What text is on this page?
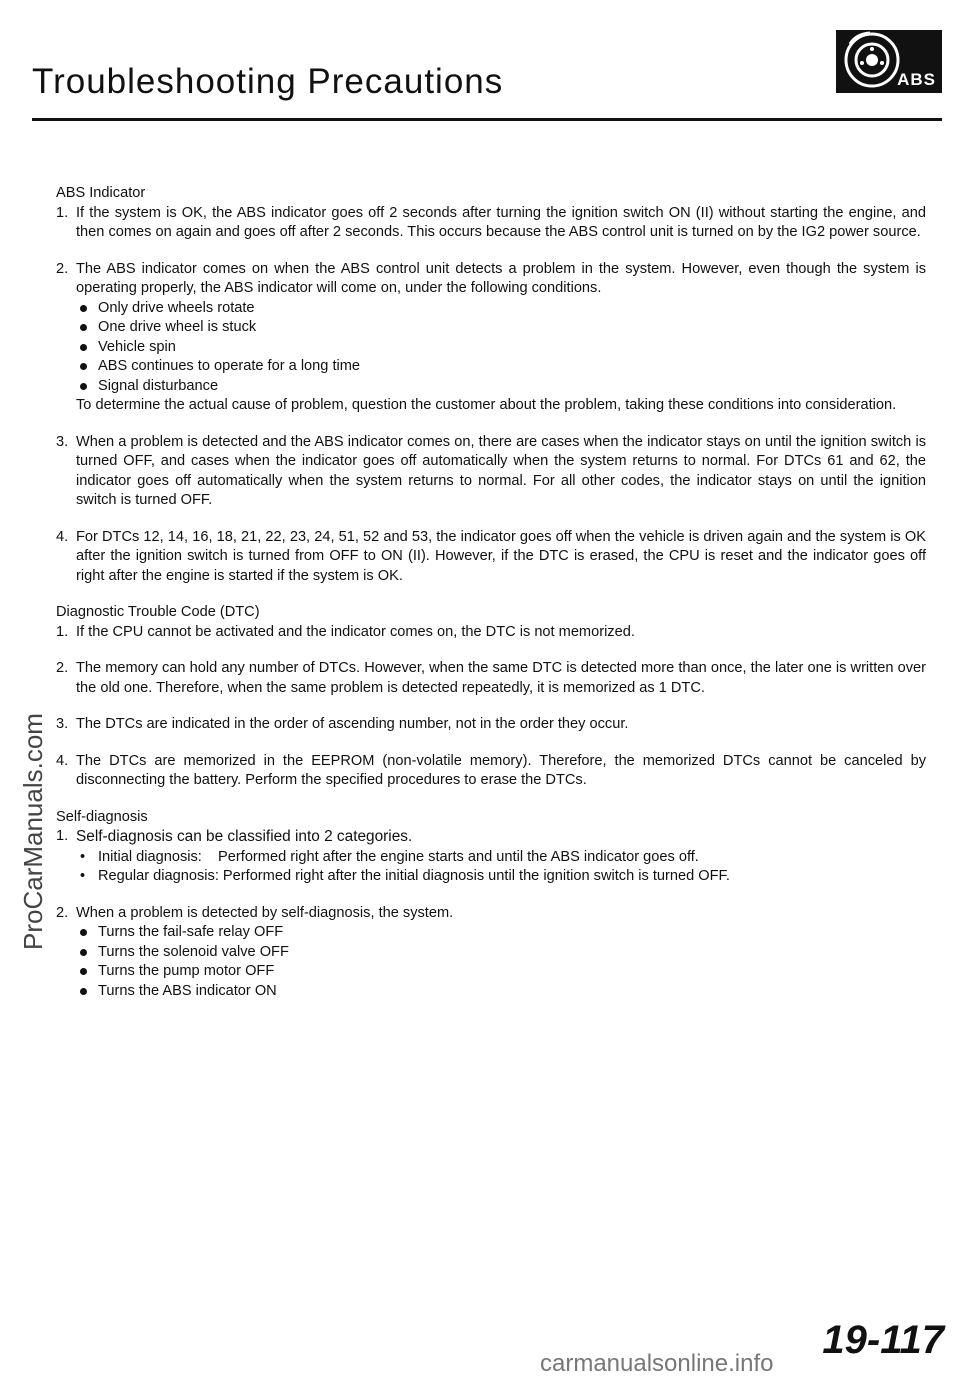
Troubleshooting Precautions	ABS
ProCarManuals.com
ABS Indicator
1. If the system is OK, the ABS indicator goes off 2 seconds after turning the ignition switch ON (II) without starting the engine, and then comes on again and goes off after 2 seconds. This occurs because the ABS control unit is turned on by the IG2 power source.
2. The ABS indicator comes on when the ABS control unit detects a problem in the system. However, even though the system is operating properly, the ABS indicator will come on, under the following conditions.
Only drive wheels rotate
One drive wheel is stuck
Vehicle spin
ABS continues to operate for a long time
Signal disturbance
To determine the actual cause of problem, question the customer about the problem, taking these conditions into consideration.
3. When a problem is detected and the ABS indicator comes on, there are cases when the indicator stays on until the ignition switch is turned OFF, and cases when the indicator goes off automatically when the system returns to normal. For DTCs 61 and 62, the indicator goes off automatically when the system returns to normal. For all other codes, the indicator stays on until the ignition switch is turned OFF.
4. For DTCs 12, 14, 16, 18, 21, 22, 23, 24, 51, 52 and 53, the indicator goes off when the vehicle is driven again and the system is OK after the ignition switch is turned from OFF to ON (II). However, if the DTC is erased, the CPU is reset and the indicator goes off right after the engine is started if the system is OK.
Diagnostic Trouble Code (DTC)
1. If the CPU cannot be activated and the indicator comes on, the DTC is not memorized.
2. The memory can hold any number of DTCs. However, when the same DTC is detected more than once, the later one is written over the old one. Therefore, when the same problem is detected repeatedly, it is memorized as 1 DTC.
3. The DTCs are indicated in the order of ascending number, not in the order they occur.
4. The DTCs are memorized in the EEPROM (non-volatile memory). Therefore, the memorized DTCs cannot be canceled by disconnecting the battery. Perform the specified procedures to erase the DTCs.
Self-diagnosis
1. Self-diagnosis can be classified into 2 categories.
• Initial diagnosis:    Performed right after the engine starts and until the ABS indicator goes off.
• Regular diagnosis: Performed right after the initial diagnosis until the ignition switch is turned OFF.
2. When a problem is detected by self-diagnosis, the system.
Turns the fail-safe relay OFF
Turns the solenoid valve OFF
Turns the pump motor OFF
Turns the ABS indicator ON
19-117
carmanualsonline.info
